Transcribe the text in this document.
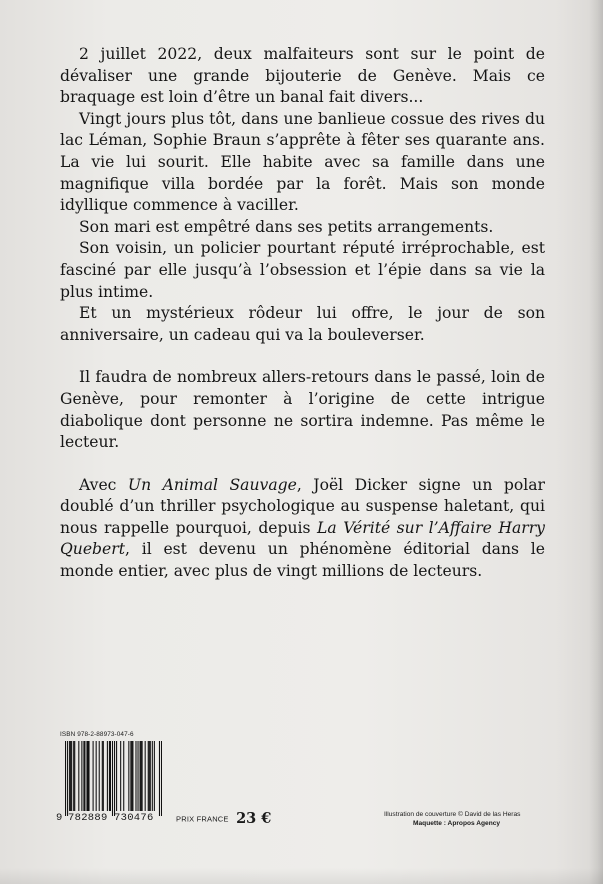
2 juillet 2022, deux malfaiteurs sont sur le point de dévaliser une grande bijouterie de Genève. Mais ce braquage est loin d’être un banal fait divers...

Vingt jours plus tôt, dans une banlieue cossue des rives du lac Léman, Sophie Braun s’apprête à fêter ses quarante ans. La vie lui sourit. Elle habite avec sa famille dans une magnifique villa bordée par la forêt. Mais son monde idyllique commence à vaciller.

Son mari est empêtré dans ses petits arrangements.

Son voisin, un policier pourtant réputé irréprochable, est fasciné par elle jusqu’à l’obsession et l’épie dans sa vie la plus intime.

Et un mystérieux rôdeur lui offre, le jour de son anniversaire, un cadeau qui va la bouleverser.

Il faudra de nombreux allers-retours dans le passé, loin de Genève, pour remonter à l’origine de cette intrigue diabolique dont personne ne sortira indemne. Pas même le lecteur.

Avec Un Animal Sauvage, Joël Dicker signe un polar doublé d’un thriller psychologique au suspense haletant, qui nous rappelle pourquoi, depuis La Vérité sur l’Affaire Harry Quebert, il est devenu un phénomène éditorial dans le monde entier, avec plus de vingt millions de lecteurs.

ISBN 978-2-88973-047-6
9 782889 730476	PRIX FRANCE 23 €	Illustration de couverture © David de las Heras
Maquette : Apropos Agency
